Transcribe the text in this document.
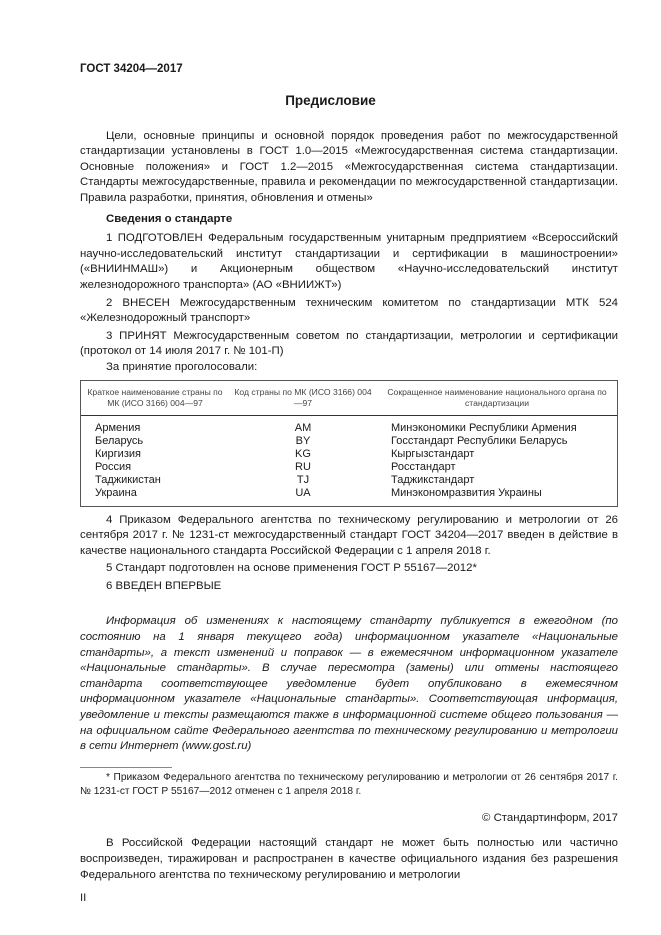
ГОСТ 34204—2017
Предисловие

Цели, основные принципы и основной порядок проведения работ по межгосударственной стандартизации установлены в ГОСТ 1.0—2015 «Межгосударственная система стандартизации. Основные положения» и ГОСТ 1.2—2015 «Межгосударственная система стандартизации. Стандарты межгосударственные, правила и рекомендации по межгосударственной стандартизации. Правила разработки, принятия, обновления и отмены»

Сведения о стандарте

1 ПОДГОТОВЛЕН Федеральным государственным унитарным предприятием «Всероссийский научно-исследовательский институт стандартизации и сертификации в машиностроении» («ВНИИНМАШ») и Акционерным обществом «Научно-исследовательский институт железнодорожного транспорта» (АО «ВНИИЖТ»)

2 ВНЕСЕН Межгосударственным техническим комитетом по стандартизации МТК 524 «Железнодорожный транспорт»

3 ПРИНЯТ Межгосударственным советом по стандартизации, метрологии и сертификации (протокол от 14 июля 2017 г. № 101-П)

За принятие проголосовали:

Краткое наименование страны по МК (ИСО 3166) 004—97	Код страны по МК (ИСО 3166) 004—97	Сокращенное наименование национального органа по стандартизации
Армения	AM	Минэкономики Республики Армения
Беларусь	BY	Госстандарт Республики Беларусь
Киргизия	KG	Кыргызстандарт
Россия	RU	Росстандарт
Таджикистан	TJ	Таджикстандарт
Украина	UA	Минэкономразвития Украины

4 Приказом Федерального агентства по техническому регулированию и метрологии от 26 сентября 2017 г. № 1231-ст межгосударственный стандарт ГОСТ 34204—2017 введен в действие в качестве национального стандарта Российской Федерации с 1 апреля 2018 г.

5 Стандарт подготовлен на основе применения ГОСТ Р 55167—2012*

6 ВВЕДЕН ВПЕРВЫЕ

Информация об изменениях к настоящему стандарту публикуется в ежегодном (по состоянию на 1 января текущего года) информационном указателе «Национальные стандарты», а текст изменений и поправок — в ежемесячном информационном указателе «Национальные стандарты». В случае пересмотра (замены) или отмены настоящего стандарта соответствующее уведомление будет опубликовано в ежемесячном информационном указателе «Национальные стандарты». Соответствующая информация, уведомление и тексты размещаются также в информационной системе общего пользования — на официальном сайте Федерального агентства по техническому регулированию и метрологии в сети Интернет (www.gost.ru)

* Приказом Федерального агентства по техническому регулированию и метрологии от 26 сентября 2017 г. № 1231-ст ГОСТ Р 55167—2012 отменен с 1 апреля 2018 г.

© Стандартинформ, 2017

В Российской Федерации настоящий стандарт не может быть полностью или частично воспроизведен, тиражирован и распространен в качестве официального издания без разрешения Федерального агентства по техническому регулированию и метрологии

II
